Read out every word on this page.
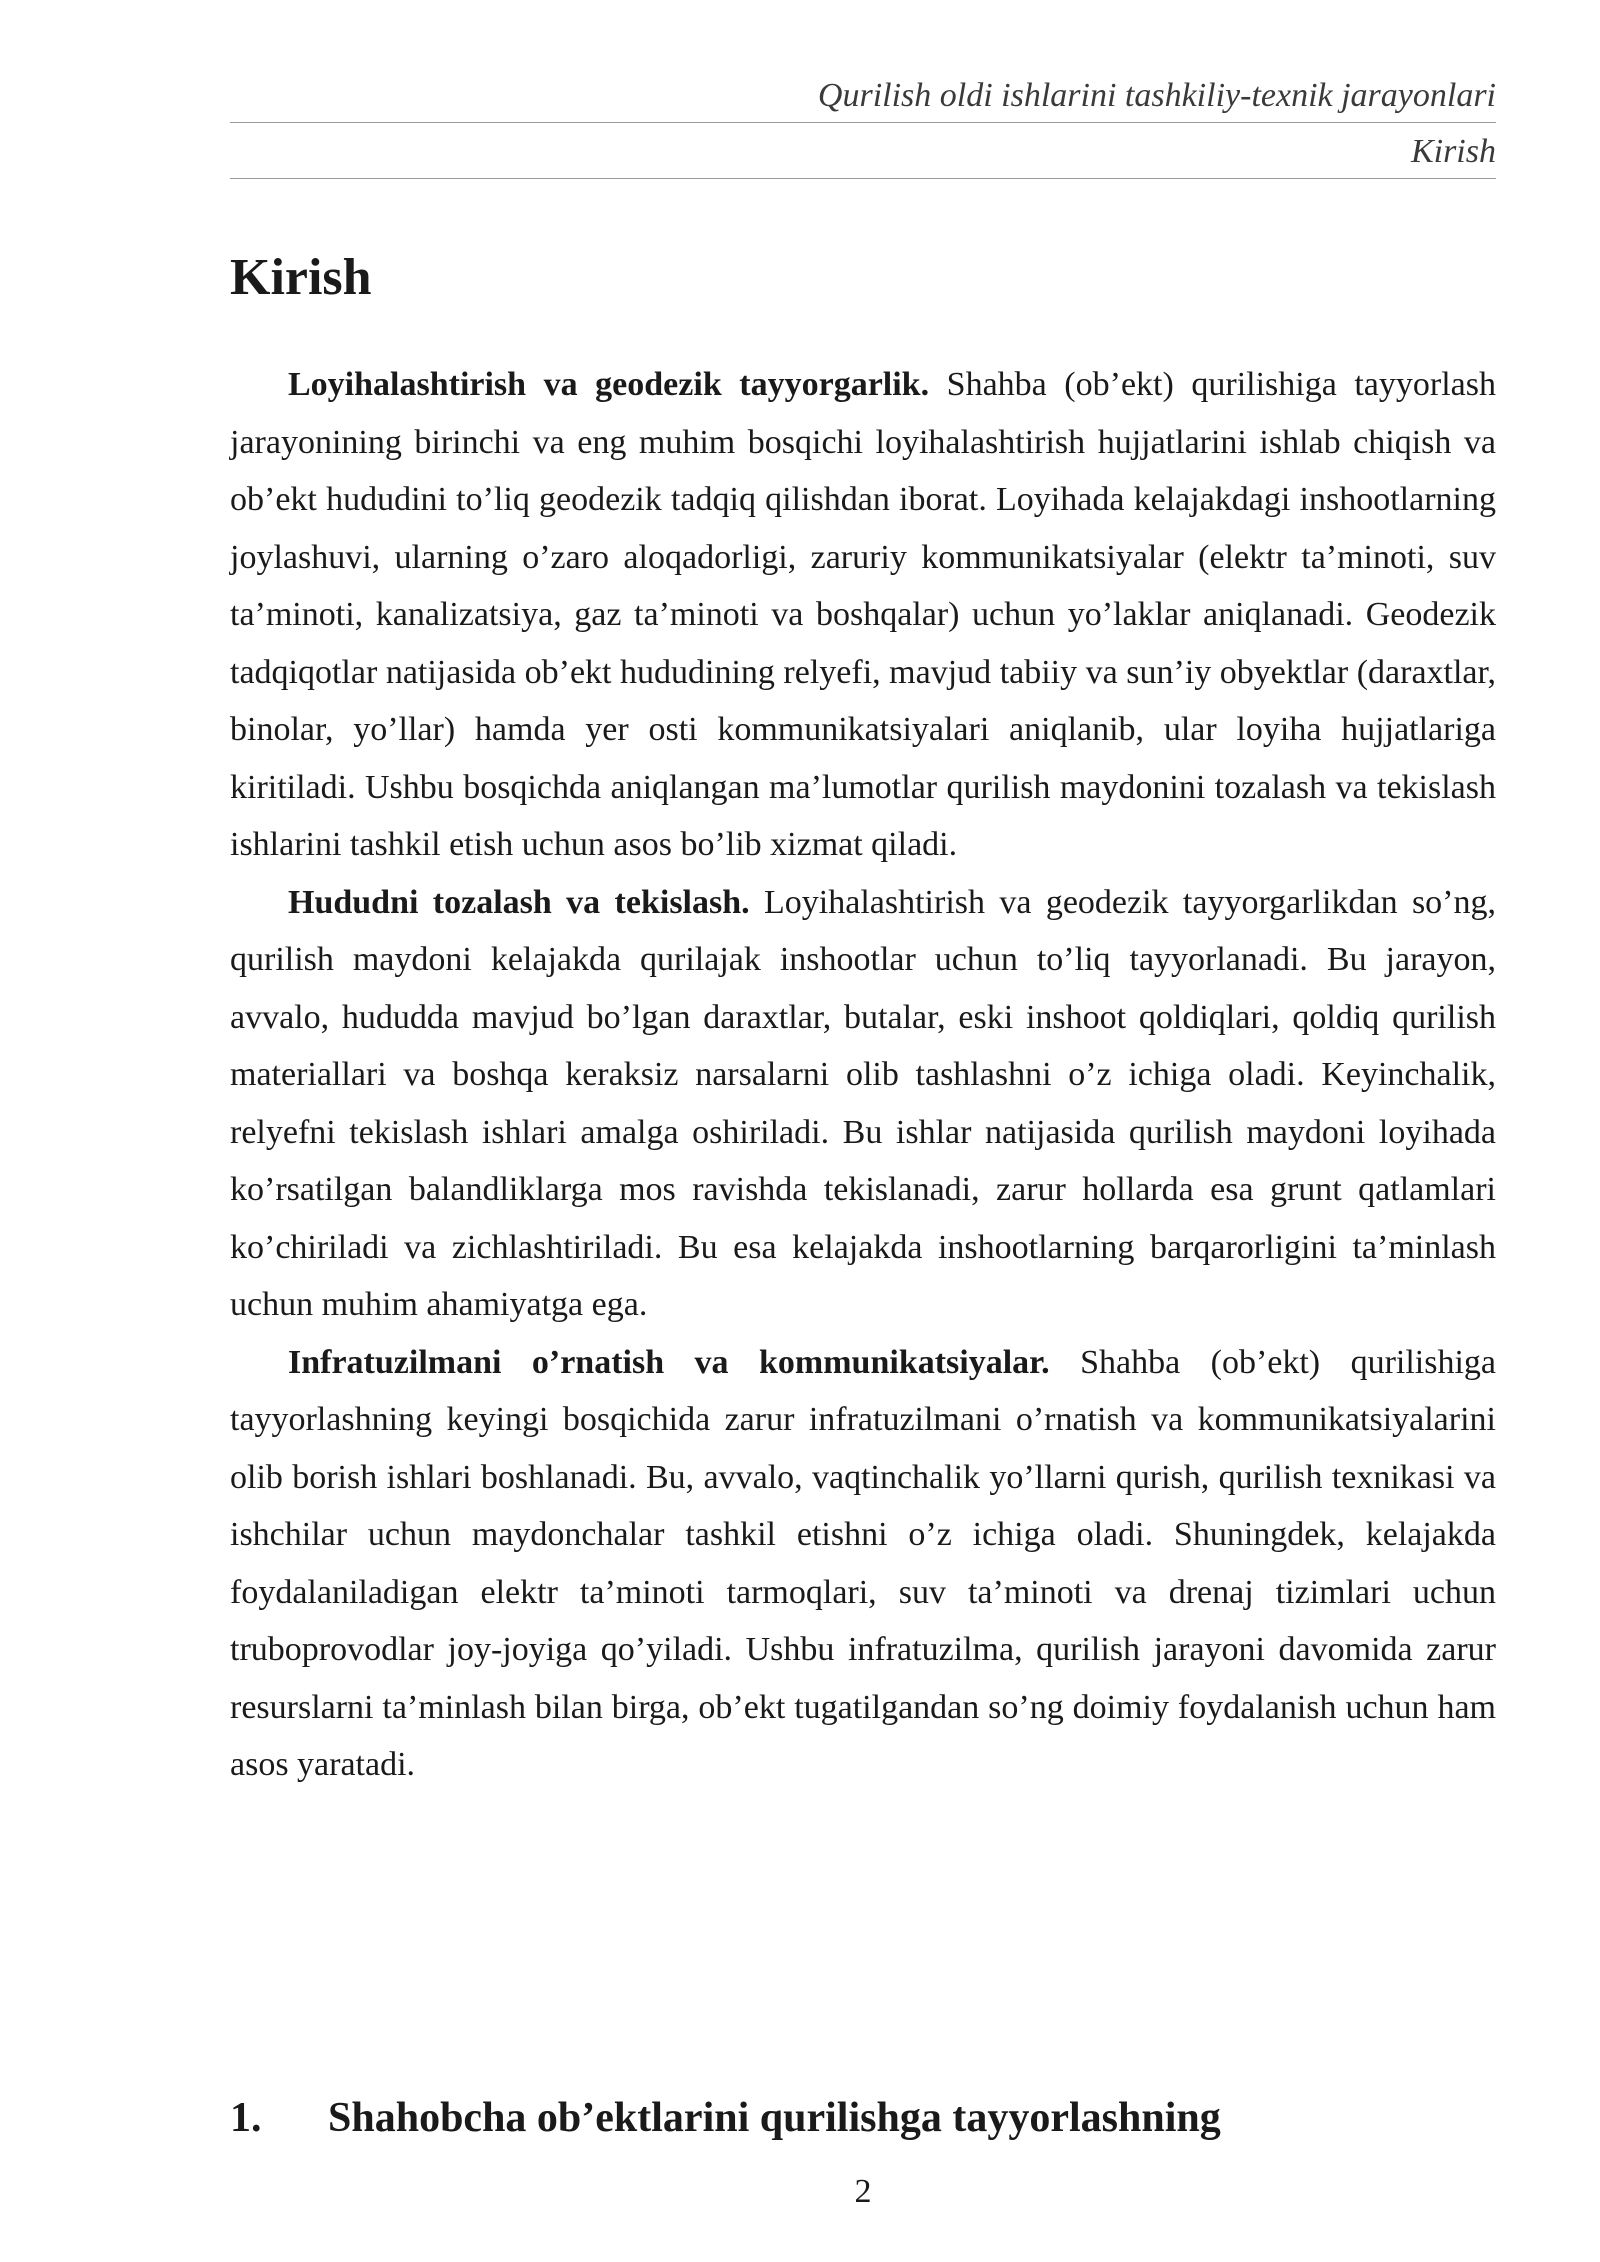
Qurilish oldi ishlarini tashkiliy-texnik jarayonlari
Kirish
Kirish

Loyihalashtirish va geodezik tayyorgarlik. Shahba (ob’ekt) qurilishiga tayyorlash jarayonining birinchi va eng muhim bosqichi loyihalashtirish hujjatlarini ishlab chiqish va ob’ekt hududini to’liq geodezik tadqiq qilishdan iborat. Loyihada kelajakdagi inshootlarning joylashuvi, ularning o’zaro aloqadorligi, zaruriy kommunikatsiyalar (elektr ta’minoti, suv ta’minoti, kanalizatsiya, gaz ta’minoti va boshqalar) uchun yo’laklar aniqlanadi. Geodezik tadqiqotlar natijasida ob’ekt hududining relyefi, mavjud tabiiy va sun’iy obyektlar (daraxtlar, binolar, yo’llar) hamda yer osti kommunikatsiyalari aniqlanib, ular loyiha hujjatlariga kiritiladi. Ushbu bosqichda aniqlangan ma’lumotlar qurilish maydonini tozalash va tekislash ishlarini tashkil etish uchun asos bo’lib xizmat qiladi.

Hududni tozalash va tekislash. Loyihalashtirish va geodezik tayyorgarlikdan so’ng, qurilish maydoni kelajakda qurilajak inshootlar uchun to’liq tayyorlanadi. Bu jarayon, avvalo, hududda mavjud bo’lgan daraxtlar, butalar, eski inshoot qoldiqlari, qoldiq qurilish materiallari va boshqa keraksiz narsalarni olib tashlashni o’z ichiga oladi. Keyinchalik, relyefni tekislash ishlari amalga oshiriladi. Bu ishlar natijasida qurilish maydoni loyihada ko’rsatilgan balandliklarga mos ravishda tekislanadi, zarur hollarda esa grunt qatlamlari ko’chiriladi va zichlashtiriladi. Bu esa kelajakda inshootlarning barqarorligini ta’minlash uchun muhim ahamiyatga ega.

Infratuzilmani o’rnatish va kommunikatsiyalar. Shahba (ob’ekt) qurilishiga tayyorlashning keyingi bosqichida zarur infratuzilmani o’rnatish va kommunikatsiyalarini olib borish ishlari boshlanadi. Bu, avvalo, vaqtinchalik yo’llarni qurish, qurilish texnikasi va ishchilar uchun maydonchalar tashkil etishni o’z ichiga oladi. Shuningdek, kelajakda foydalaniladigan elektr ta’minoti tarmoqlari, suv ta’minoti va drenaj tizimlari uchun truboprovodlar joy-joyiga qo’yiladi. Ushbu infratuzilma, qurilish jarayoni davomida zarur resurslarni ta’minlash bilan birga, ob’ekt tugatilgandan so’ng doimiy foydalanish uchun ham asos yaratadi.

1.	Shahobcha ob’ektlarini qurilishga tayyorlashning
2
